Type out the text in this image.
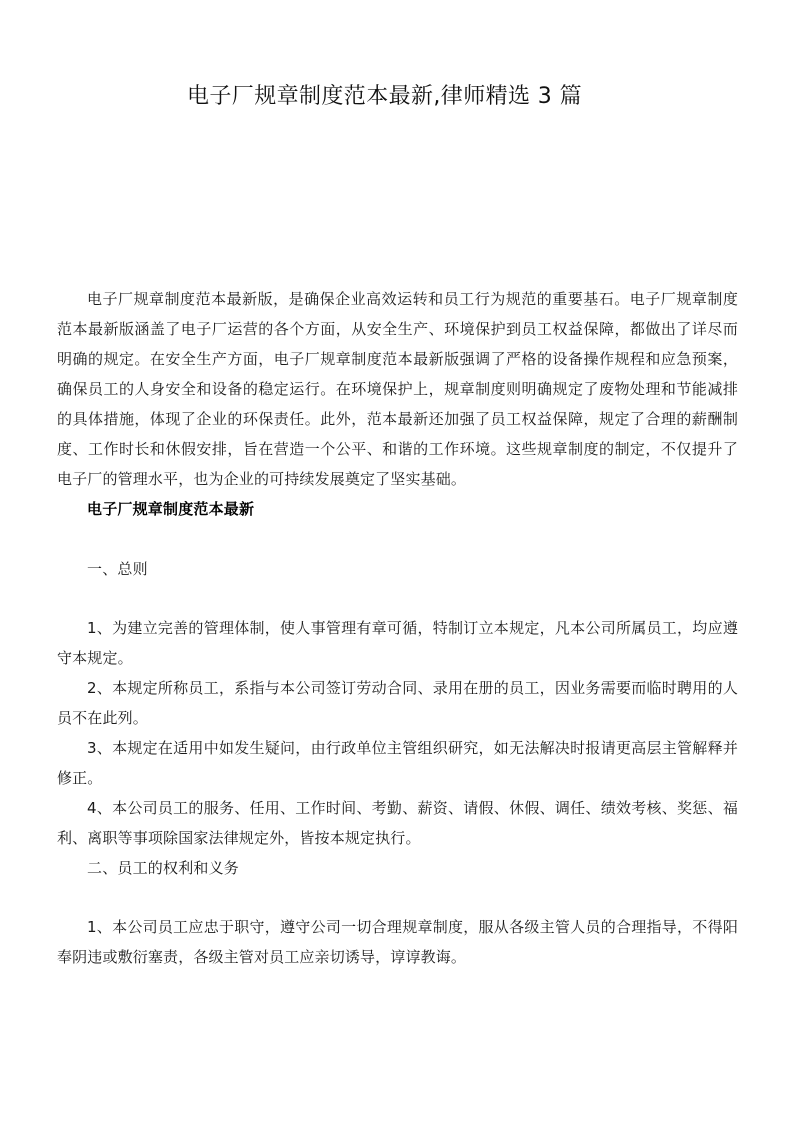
电子厂规章制度范本最新,律师精选 3 篇

电子厂规章制度范本最新版，是确保企业高效运转和员工行为规范的重要基石。电子厂规章制度范本最新版涵盖了电子厂运营的各个方面，从安全生产、环境保护到员工权益保障，都做出了详尽而明确的规定。在安全生产方面，电子厂规章制度范本最新版强调了严格的设备操作规程和应急预案，确保员工的人身安全和设备的稳定运行。在环境保护上，规章制度则明确规定了废物处理和节能减排的具体措施，体现了企业的环保责任。此外，范本最新还加强了员工权益保障，规定了合理的薪酬制度、工作时长和休假安排，旨在营造一个公平、和谐的工作环境。这些规章制度的制定，不仅提升了电子厂的管理水平，也为企业的可持续发展奠定了坚实基础。

电子厂规章制度范本最新

一、总则

1、为建立完善的管理体制，使人事管理有章可循，特制订立本规定，凡本公司所属员工，均应遵守本规定。

2、本规定所称员工，系指与本公司签订劳动合同、录用在册的员工，因业务需要而临时聘用的人员不在此列。

3、本规定在适用中如发生疑问，由行政单位主管组织研究，如无法解决时报请更高层主管解释并修正。

4、本公司员工的服务、任用、工作时间、考勤、薪资、请假、休假、调任、绩效考核、奖惩、福利、离职等事项除国家法律规定外，皆按本规定执行。

二、员工的权利和义务

1、本公司员工应忠于职守，遵守公司一切合理规章制度，服从各级主管人员的合理指导，不得阳奉阴违或敷衍塞责，各级主管对员工应亲切诱导，谆谆教诲。
